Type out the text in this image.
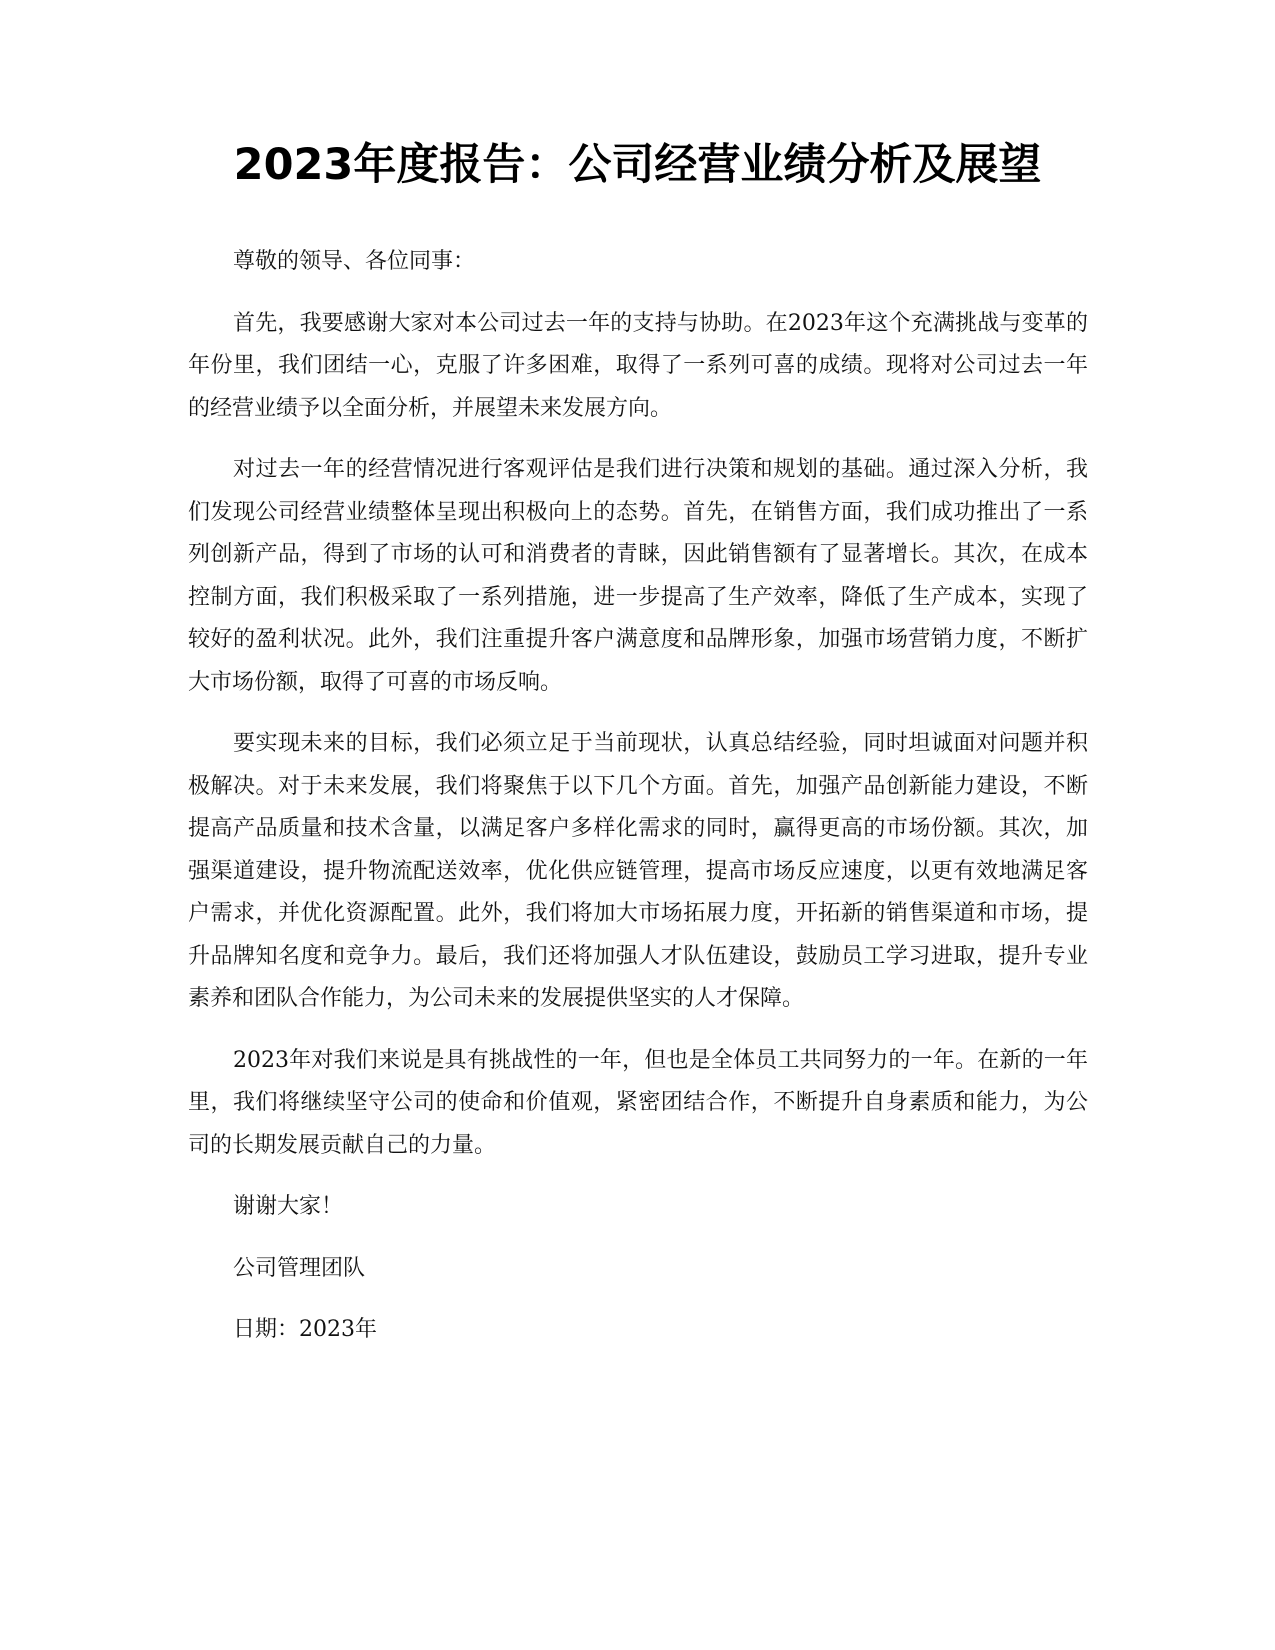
2023年度报告：公司经营业绩分析及展望

尊敬的领导、各位同事：

首先，我要感谢大家对本公司过去一年的支持与协助。在2023年这个充满挑战与变革的年份里，我们团结一心，克服了许多困难，取得了一系列可喜的成绩。现将对公司过去一年的经营业绩予以全面分析，并展望未来发展方向。

对过去一年的经营情况进行客观评估是我们进行决策和规划的基础。通过深入分析，我们发现公司经营业绩整体呈现出积极向上的态势。首先，在销售方面，我们成功推出了一系列创新产品，得到了市场的认可和消费者的青睐，因此销售额有了显著增长。其次，在成本控制方面，我们积极采取了一系列措施，进一步提高了生产效率，降低了生产成本，实现了较好的盈利状况。此外，我们注重提升客户满意度和品牌形象，加强市场营销力度，不断扩大市场份额，取得了可喜的市场反响。

要实现未来的目标，我们必须立足于当前现状，认真总结经验，同时坦诚面对问题并积极解决。对于未来发展，我们将聚焦于以下几个方面。首先，加强产品创新能力建设，不断提高产品质量和技术含量，以满足客户多样化需求的同时，赢得更高的市场份额。其次，加强渠道建设，提升物流配送效率，优化供应链管理，提高市场反应速度，以更有效地满足客户需求，并优化资源配置。此外，我们将加大市场拓展力度，开拓新的销售渠道和市场，提升品牌知名度和竞争力。最后，我们还将加强人才队伍建设，鼓励员工学习进取，提升专业素养和团队合作能力，为公司未来的发展提供坚实的人才保障。

2023年对我们来说是具有挑战性的一年，但也是全体员工共同努力的一年。在新的一年里，我们将继续坚守公司的使命和价值观，紧密团结合作，不断提升自身素质和能力，为公司的长期发展贡献自己的力量。

谢谢大家！

公司管理团队

日期：2023年
